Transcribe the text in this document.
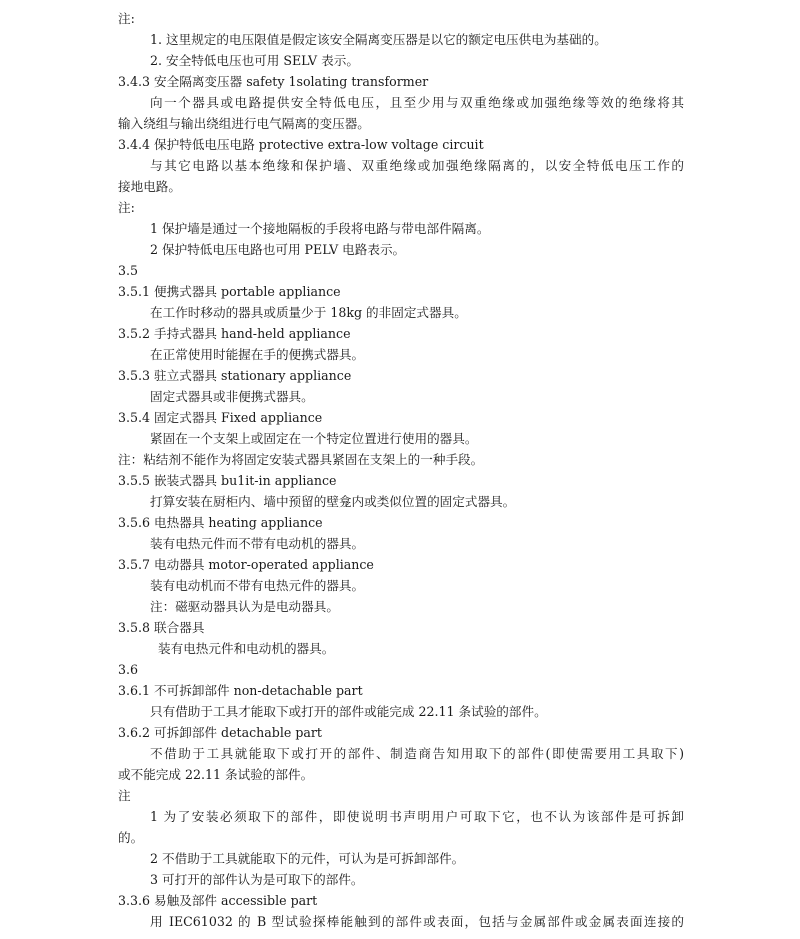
注:
1. 这里规定的电压限值是假定该安全隔离变压器是以它的额定电压供电为基础的。
2. 安全特低电压也可用 SELV 表示。
3.4.3 安全隔离变压器 safety 1solating transformer
向一个器具或电路提供安全特低电压，且至少用与双重绝缘或加强绝缘等效的绝缘将其
输入绕组与输出绕组进行电气隔离的变压器。
3.4.4 保护特低电压电路 protective extra-low voltage circuit
与其它电路以基本绝缘和保护墙、双重绝缘或加强绝缘隔离的，以安全特低电压工作的
接地电路。
注:
1 保护墙是通过一个接地隔板的手段将电路与带电部件隔离。
2 保护特低电压电路也可用 PELV 电路表示。
3.5
3.5.1 便携式器具 portable appliance
在工作时移动的器具或质量少于 18kg 的非固定式器具。
3.5.2 手持式器具 hand-held appliance
在正常使用时能握在手的便携式器具。
3.5.3 驻立式器具 stationary appliance
固定式器具或非便携式器具。
3.5.4 固定式器具 Fixed appliance
紧固在一个支架上或固定在一个特定位置进行使用的器具。
注：粘结剂不能作为将固定安装式器具紧固在支架上的一种手段。
3.5.5 嵌装式器具 bu1it-in appliance
打算安装在厨柜内、墙中预留的壁龛内或类似位置的固定式器具。
3.5.6 电热器具 heating appliance
装有电热元件而不带有电动机的器具。
3.5.7 电动器具 motor-operated appliance
装有电动机而不带有电热元件的器具。
注：磁驱动器具认为是电动器具。
3.5.8 联合器具
装有电热元件和电动机的器具。
3.6
3.6.1 不可拆卸部件 non-detachable part
只有借助于工具才能取下或打开的部件或能完成 22.11 条试验的部件。
3.6.2 可拆卸部件 detachable part
不借助于工具就能取下或打开的部件、制造商告知用取下的部件(即使需要用工具取下)
或不能完成 22.11 条试验的部件。
注
1 为了安装必须取下的部件，即使说明书声明用户可取下它，也不认为该部件是可拆卸
的。
2 不借助于工具就能取下的元件，可认为是可拆卸部件。
3 可打开的部件认为是可取下的部件。
3.3.6 易触及部件 accessible part
用 IEC61032 的 B 型试验探棒能触到的部件或表面，包括与金属部件或金属表面连接的
